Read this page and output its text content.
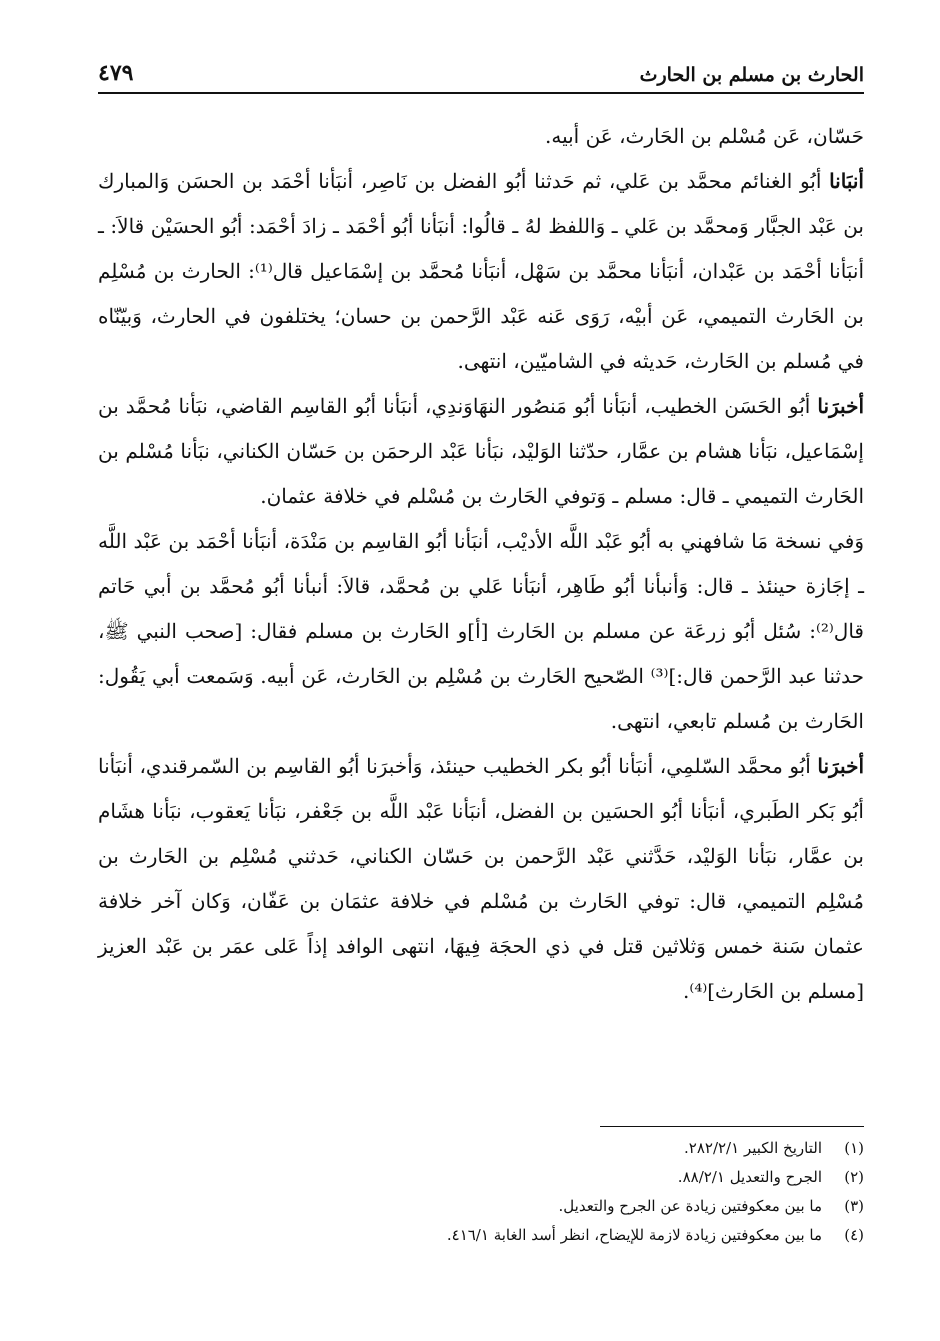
الحارث بن مسلم بن الحارث
٤٧٩

حَسّان، عَن مُسْلم بن الحَارث، عَن أبيه.

أنبَانا أبُو الغنائم محمَّد بن عَلي، ثم حَدثنا أبُو الفضل بن نَاصِر، أنبَأنا أحْمَد بن الحسَن وَالمبارك بن عَبْد الجبَّار وَمحمَّد بن عَلي ـ وَاللفظ لهُ ـ قالُوا: أنبَأنا أبُو أحْمَد ـ زادَ أحْمَد: أبُو الحسَيْن قالاَ: ـ أنبَأنا أحْمَد بن عَبْدان، أنبَأنا محمَّد بن سَهْل، أنبَأنا مُحمَّد بن إسْمَاعيل قال⁽¹⁾: الحارث بن مُسْلِم بن الحَارث التميمي، عَن أبيْه، رَوَى عَنه عَبْد الرَّحمن بن حسان؛ يختلفون في الحارث، وَبيّنّاه في مُسلم بن الحَارث، حَديثه في الشاميّين، انتهى.

أخبرَنا أبُو الحَسَن الخطيب، أنبَأنا أبُو مَنصُور النهَاوَندِي، أنبَأنا أبُو القاسِم القاضي، نبَأنا مُحمَّد بن إسْمَاعيل، نبَأنا هشام بن عمَّار، حدّثنا الوَليْد، نبَأنا عَبْد الرحمَن بن حَسّان الكناني، نبَأنا مُسْلم بن الحَارث التميمي ـ قال: مسلم ـ وَتوفي الحَارث بن مُسْلم في خلافة عثمان.

وَفي نسخة مَا شافهني به أبُو عَبْد اللَّه الأديْب، أنبَأنا أبُو القاسِم بن مَنْدَة، أنبَأنا أحْمَد بن عَبْد اللَّه ـ إجَازة حينئذ ـ قال: وَأنبأنا أبُو طَاهِر، أنبَأنا عَلي بن مُحمَّد، قالاَ: أنبأنا أبُو مُحمَّد بن أبي حَاتم قال⁽²⁾: سُئل أبُو زرعَة عن مسلم بن الحَارث [أ]و الحَارث بن مسلم فقال: [صحب النبي ﷺ، حدثنا عبد الرَّحمن قال:]⁽³⁾ الصّحيح الحَارث بن مُسْلِم بن الحَارث، عَن أبيه. وَسَمعت أبي يَقُول: الحَارث بن مُسلم تابعي، انتهى.

أخبرَنا أبُو محمَّد السّلمِي، أنبَأنا أبُو بكر الخطيب حينئذ، وَأخبرَنا أبُو القاسِم بن السّمرقندي، أنبَأنا أبُو بَكر الطَبري، أنبَأنا أبُو الحسَين بن الفضل، أنبَأنا عَبْد اللَّه بن جَعْفر، نبَأنا يَعقوب، نبَأنا هشَام بن عمَّار، نبَأنا الوَليْد، حَدَّثني عَبْد الرَّحمن بن حَسّان الكناني، حَدثني مُسْلِم بن الحَارث بن مُسْلِم التميمي، قال: توفي الحَارث بن مُسْلم في خلافة عثمَان بن عَفّان، وَكان آخر خلافة عثمان سَنة خمس وَثلاثين قتل في ذي الحجَة فِيهَا، انتهى الوافد إذاً عَلى عمَر بن عَبْد العزيز [مسلم بن الحَارث]⁽⁴⁾.

(١)
التاريخ الكبير ٢٨٢/٢/١.
(٢)
الجرح والتعديل ٨٨/٢/١.
(٣)
ما بين معكوفتين زيادة عن الجرح والتعديل.
(٤)
ما بين معكوفتين زيادة لازمة للإيضاح، انظر أسد الغابة ٤١٦/١.
